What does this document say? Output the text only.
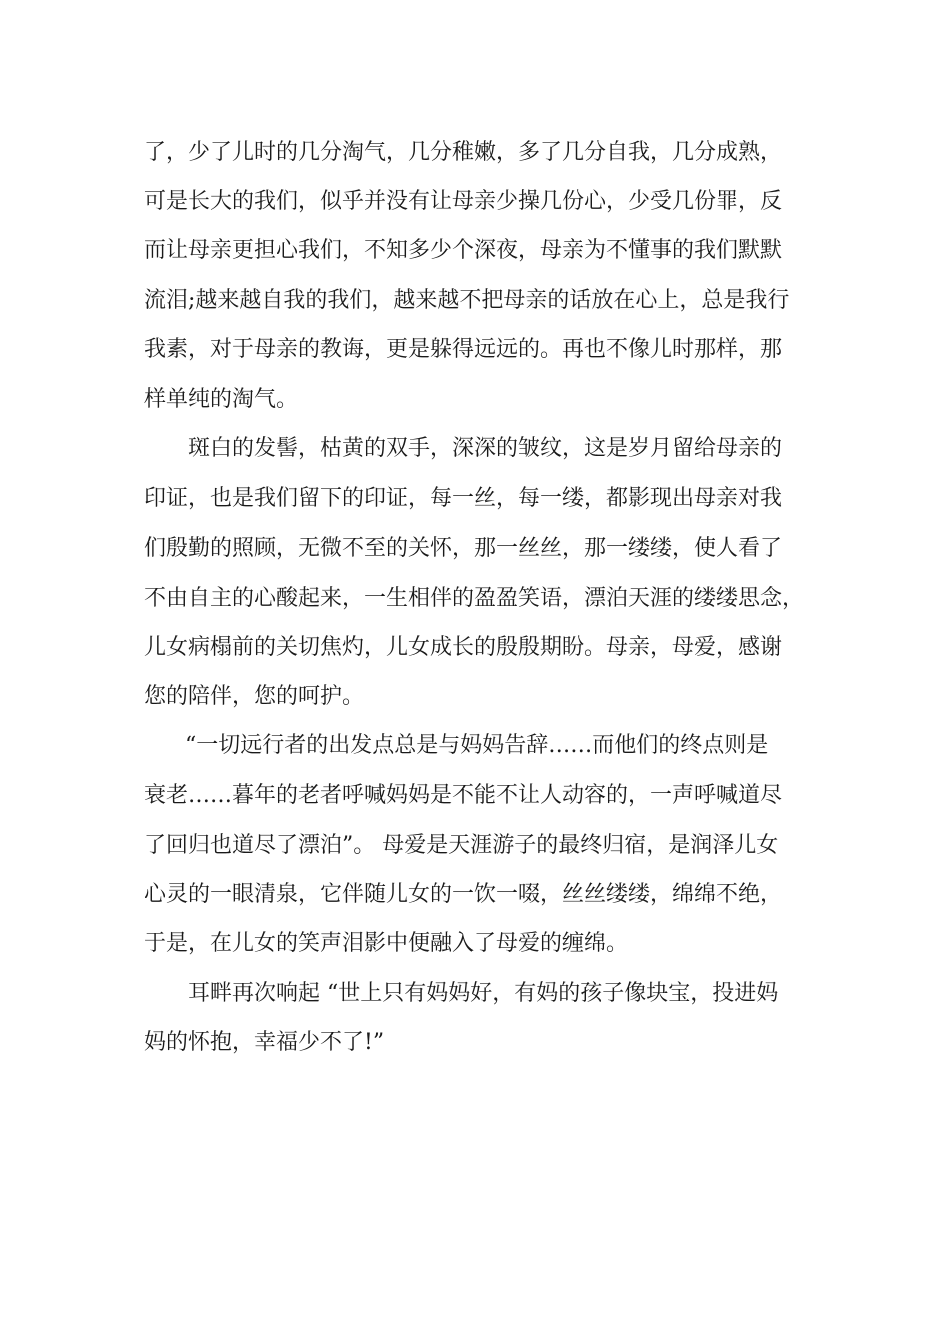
了，少了儿时的几分淘气，几分稚嫩，多了几分自我，几分成熟，
可是长大的我们，似乎并没有让母亲少操几份心，少受几份罪，反
而让母亲更担心我们，不知多少个深夜，母亲为不懂事的我们默默
流泪;越来越自我的我们，越来越不把母亲的话放在心上，总是我行
我素，对于母亲的教诲，更是躲得远远的。再也不像儿时那样，那
样单纯的淘气。
斑白的发髻，枯黄的双手，深深的皱纹，这是岁月留给母亲的
印证，也是我们留下的印证，每一丝，每一缕，都影现出母亲对我
们殷勤的照顾，无微不至的关怀，那一丝丝，那一缕缕，使人看了
不由自主的心酸起来，一生相伴的盈盈笑语，漂泊天涯的缕缕思念，
儿女病榻前的关切焦灼，儿女成长的殷殷期盼。母亲，母爱，感谢
您的陪伴，您的呵护。
“一切远行者的出发点总是与妈妈告辞……而他们的终点则是
衰老……暮年的老者呼喊妈妈是不能不让人动容的，一声呼喊道尽
了回归也道尽了漂泊”。 母爱是天涯游子的最终归宿，是润泽儿女
心灵的一眼清泉，它伴随儿女的一饮一啜，丝丝缕缕，绵绵不绝，
于是，在儿女的笑声泪影中便融入了母爱的缠绵。
耳畔再次响起 “世上只有妈妈好，有妈的孩子像块宝，投进妈
妈的怀抱，幸福少不了!”
